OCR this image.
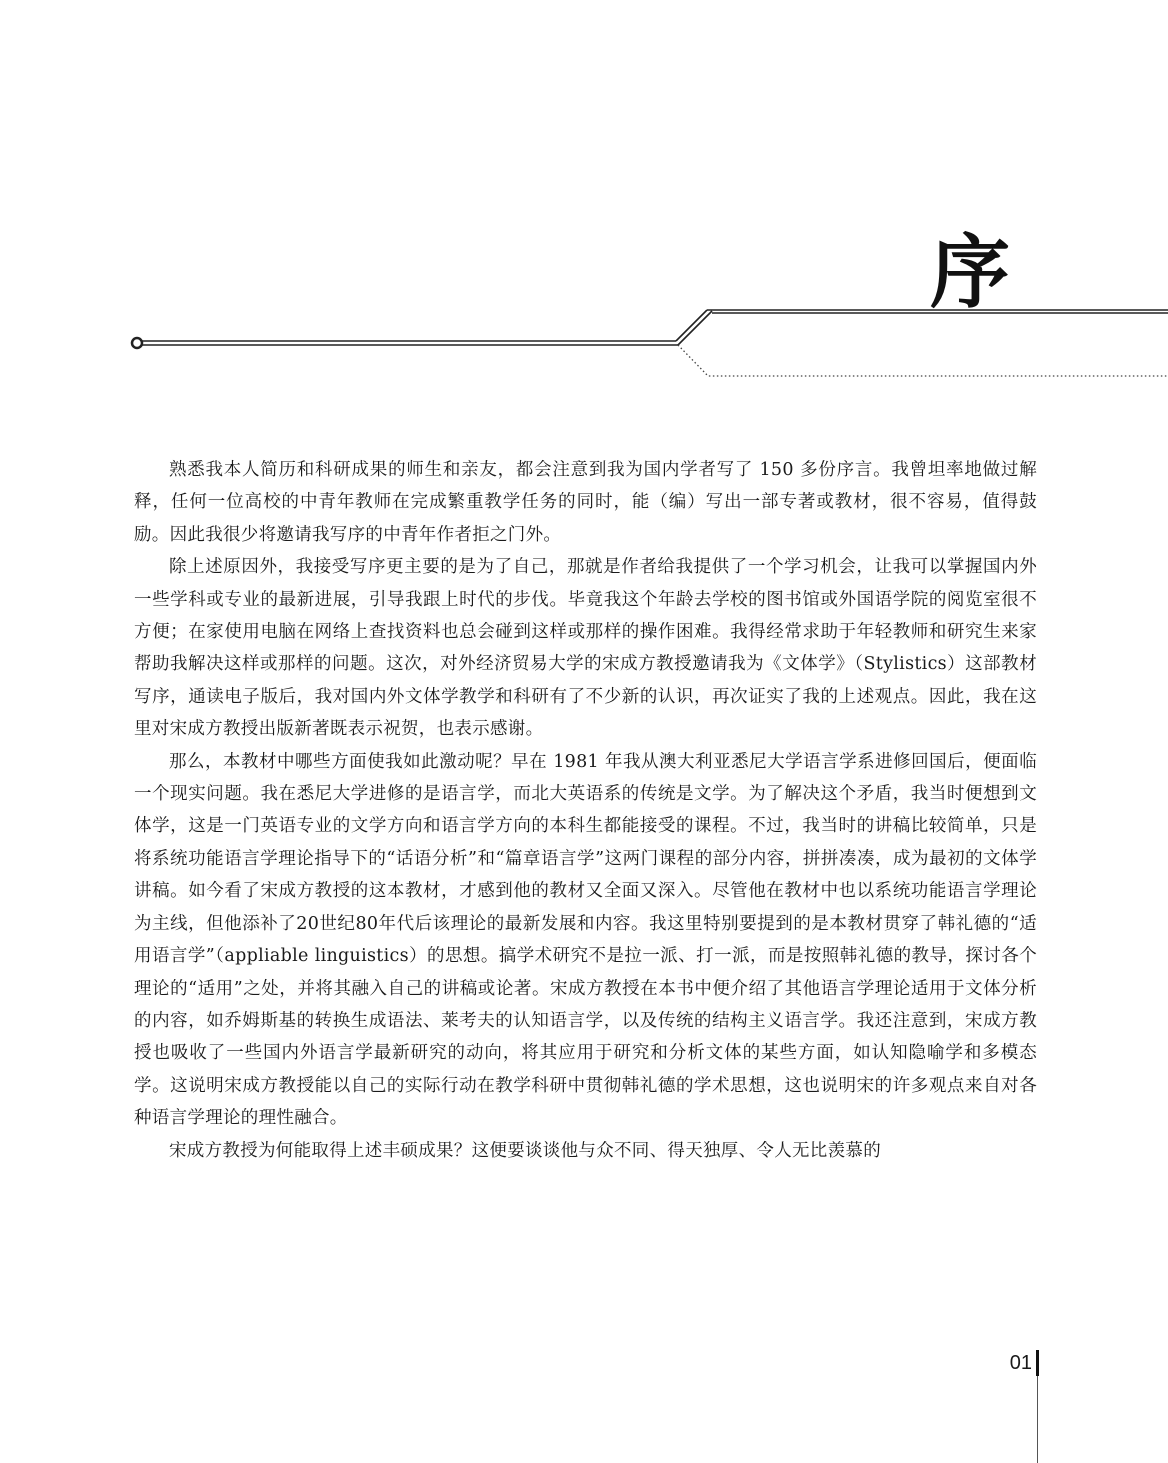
序

熟悉我本人简历和科研成果的师生和亲友，都会注意到我为国内学者写了 150 多份序言。我曾坦率地做过解释，任何一位高校的中青年教师在完成繁重教学任务的同时，能（编）写出一部专著或教材，很不容易，值得鼓励。因此我很少将邀请我写序的中青年作者拒之门外。

除上述原因外，我接受写序更主要的是为了自己，那就是作者给我提供了一个学习机会，让我可以掌握国内外一些学科或专业的最新进展，引导我跟上时代的步伐。毕竟我这个年龄去学校的图书馆或外国语学院的阅览室很不方便；在家使用电脑在网络上查找资料也总会碰到这样或那样的操作困难。我得经常求助于年轻教师和研究生来家帮助我解决这样或那样的问题。这次，对外经济贸易大学的宋成方教授邀请我为《文体学》（Stylistics）这部教材写序，通读电子版后，我对国内外文体学教学和科研有了不少新的认识，再次证实了我的上述观点。因此，我在这里对宋成方教授出版新著既表示祝贺，也表示感谢。

那么，本教材中哪些方面使我如此激动呢？早在 1981 年我从澳大利亚悉尼大学语言学系进修回国后，便面临一个现实问题。我在悉尼大学进修的是语言学，而北大英语系的传统是文学。为了解决这个矛盾，我当时便想到文体学，这是一门英语专业的文学方向和语言学方向的本科生都能接受的课程。不过，我当时的讲稿比较简单，只是将系统功能语言学理论指导下的“话语分析”和“篇章语言学”这两门课程的部分内容，拼拼凑凑，成为最初的文体学讲稿。如今看了宋成方教授的这本教材，才感到他的教材又全面又深入。尽管他在教材中也以系统功能语言学理论为主线，但他添补了20世纪80年代后该理论的最新发展和内容。我这里特别要提到的是本教材贯穿了韩礼德的“适用语言学”（appliable linguistics）的思想。搞学术研究不是拉一派、打一派，而是按照韩礼德的教导，探讨各个理论的“适用”之处，并将其融入自己的讲稿或论著。宋成方教授在本书中便介绍了其他语言学理论适用于文体分析的内容，如乔姆斯基的转换生成语法、莱考夫的认知语言学，以及传统的结构主义语言学。我还注意到，宋成方教授也吸收了一些国内外语言学最新研究的动向，将其应用于研究和分析文体的某些方面，如认知隐喻学和多模态学。这说明宋成方教授能以自己的实际行动在教学科研中贯彻韩礼德的学术思想，这也说明宋的许多观点来自对各种语言学理论的理性融合。

宋成方教授为何能取得上述丰硕成果？这便要谈谈他与众不同、得天独厚、令人无比羡慕的

01
